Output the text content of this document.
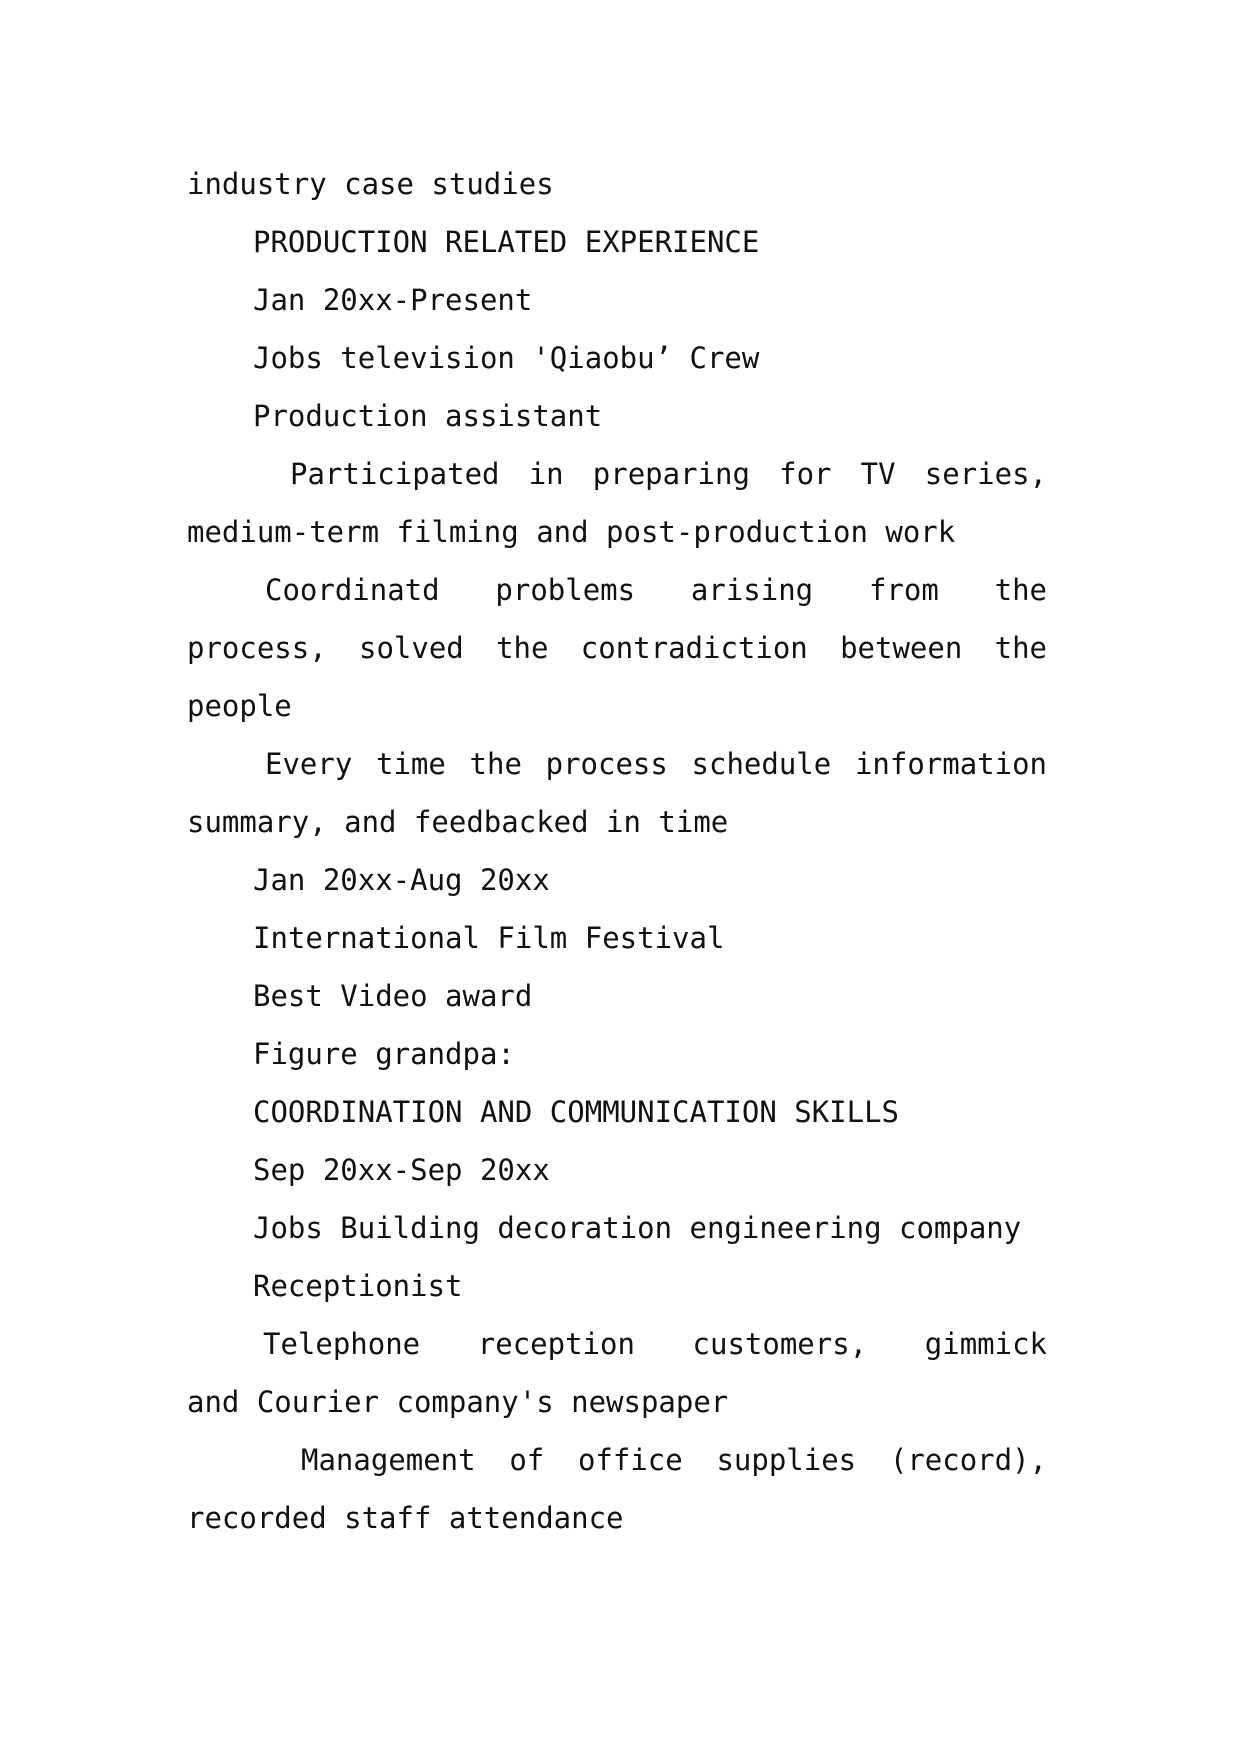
industry case studies
PRODUCTION RELATED EXPERIENCE
Jan 20xx-Present
Jobs television 'Qiaobu’ Crew
Production assistant
Participated in preparing for TV series,
medium-term filming and post-production work
Coordinatd problems arising from the
process, solved the contradiction between the
people
Every time the process schedule information
summary, and feedbacked in time
Jan 20xx-Aug 20xx
International Film Festival
Best Video award
Figure grandpa:
COORDINATION AND COMMUNICATION SKILLS
Sep 20xx-Sep 20xx
Jobs Building decoration engineering company
Receptionist
Telephone reception customers, gimmick
and Courier company's newspaper
Management of office supplies (record),
recorded staff attendance
